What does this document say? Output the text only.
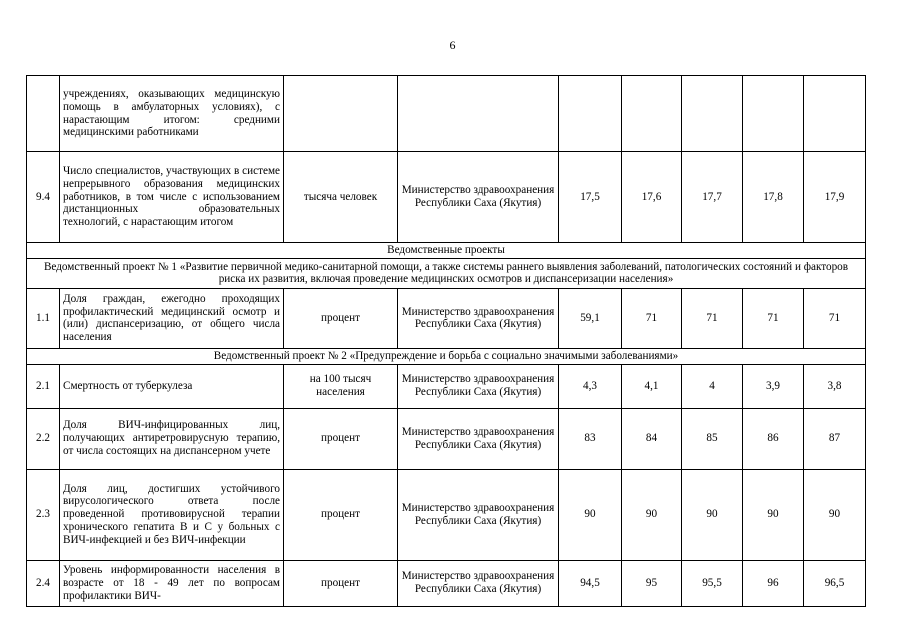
6
	учреждениях, оказывающих медицинскую помощь в амбулаторных условиях), с нарастающим итогом: средними медицинскими работниками							
9.4	Число специалистов, участвующих в системе непрерывного образования медицинских работников, в том числе с использованием дистанционных образовательных технологий, с нарастающим итогом	тысяча человек	Министерство здравоохранения Республики Саха (Якутия)	17,5	17,6	17,7	17,8	17,9
Ведомственные проекты								
Ведомственный проект № 1 «Развитие первичной медико-санитарной помощи, а также системы раннего выявления заболеваний, патологических состояний и факторов риска их развития, включая проведение медицинских осмотров и диспансеризации населения»								
1.1	Доля граждан, ежегодно проходящих профилактический медицинский осмотр и (или) диспансеризацию, от общего числа населения	процент	Министерство здравоохранения Республики Саха (Якутия)	59,1	71	71	71	71
Ведомственный проект № 2 «Предупреждение и борьба с социально значимыми заболеваниями»								
2.1	Смертность от туберкулеза	на 100 тысяч населения	Министерство здравоохранения Республики Саха (Якутия)	4,3	4,1	4	3,9	3,8
2.2	Доля ВИЧ-инфицированных лиц, получающих антиретровирусную терапию, от числа состоящих на диспансерном учете	процент	Министерство здравоохранения Республики Саха (Якутия)	83	84	85	86	87
2.3	Доля лиц, достигших устойчивого вирусологического ответа после проведенной противовирусной терапии хронического гепатита В и С у больных с ВИЧ-инфекцией и без ВИЧ-инфекции	процент	Министерство здравоохранения Республики Саха (Якутия)	90	90	90	90	90
2.4	Уровень информированности населения в возрасте от 18 - 49 лет по вопросам профилактики ВИЧ-	процент	Министерство здравоохранения Республики Саха (Якутия)	94,5	95	95,5	96	96,5
